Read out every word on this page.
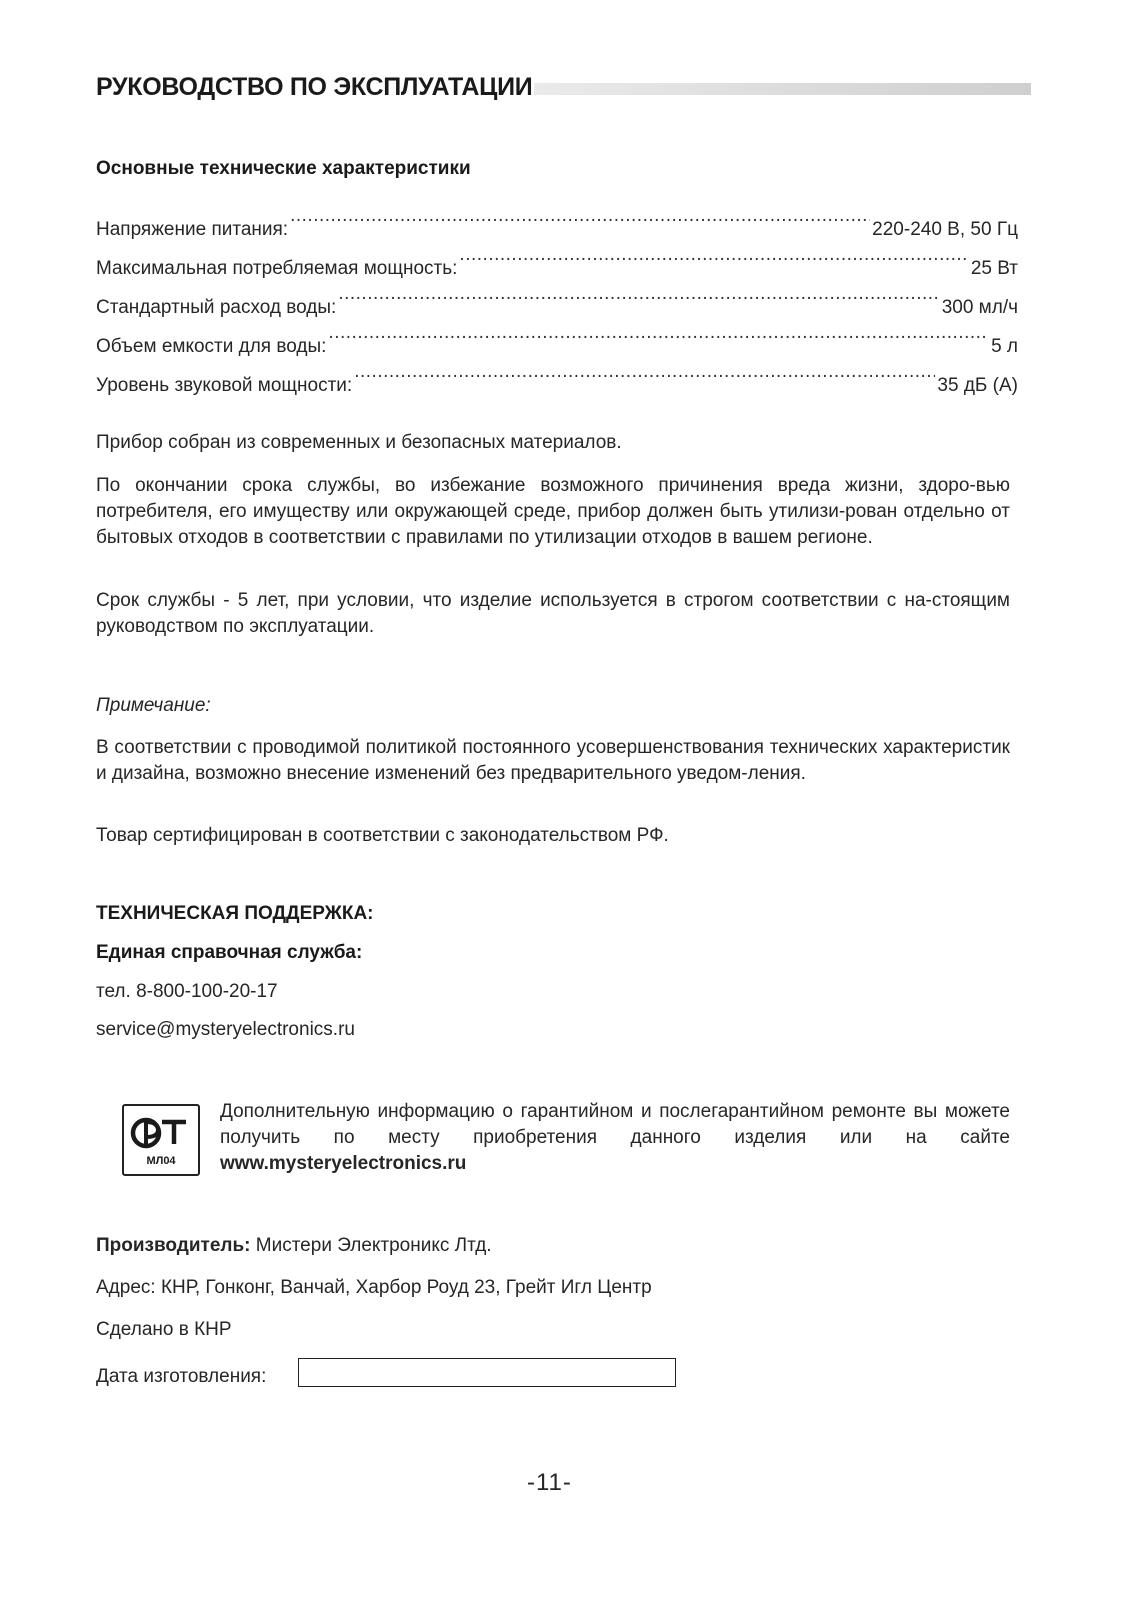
РУКОВОДСТВО ПО ЭКСПЛУАТАЦИИ
Основные технические характеристики
Напряжение питания: .....	220-240 В, 50 Гц
Максимальная потребляемая мощность: .....	25 Вт
Стандартный расход воды: .....	300 мл/ч
Объем емкости для воды: .....	5 л
Уровень звуковой мощности: .....	35 дБ (А)
Прибор собран из современных и безопасных материалов.
По окончании срока службы, во избежание возможного причинения вреда жизни, здоро-вью потребителя, его имуществу или окружающей среде, прибор должен быть утилизи-рован отдельно от бытовых отходов в соответствии с правилами по утилизации отходов в вашем регионе.
Срок службы - 5 лет, при условии, что изделие используется в строгом соответствии с на-стоящим руководством по эксплуатации.
Примечание:
В соответствии с проводимой политикой постоянного усовершенствования технических характеристик и дизайна, возможно внесение изменений без предварительного уведом-ления.
Товар сертифицирован в соответствии с законодательством РФ.
ТЕХНИЧЕСКАЯ ПОДДЕРЖКА:
Единая справочная служба:
тел. 8-800-100-20-17
service@mysteryelectronics.ru
МЛ04
Дополнительную информацию о гарантийном и послегарантийном ремонте вы можете получить по месту приобретения данного изделия или на сайте www.mysteryelectronics.ru
Производитель: Мистери Электроникс Лтд.
Адрес: КНР, Гонконг, Ванчай, Харбор Роуд 23, Грейт Игл Центр
Сделано в КНР
Дата изготовления:
-11-
